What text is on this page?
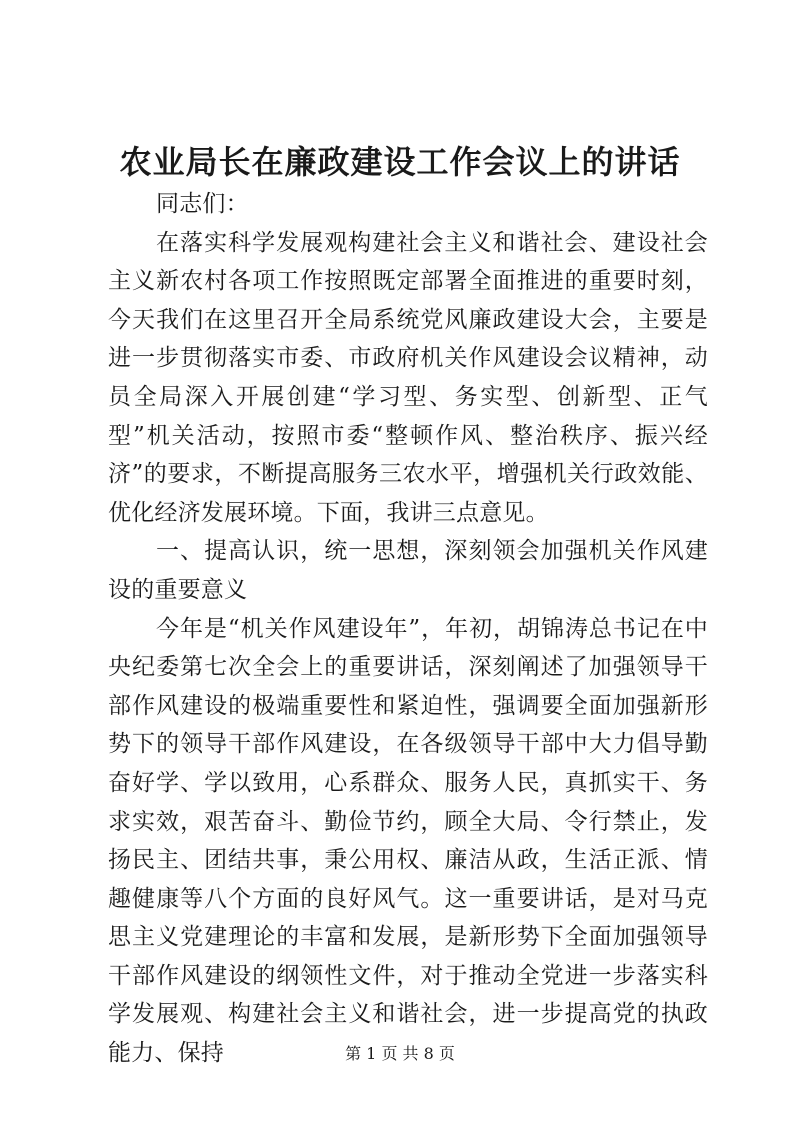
农业局长在廉政建设工作会议上的讲话

同志们：

在落实科学发展观构建社会主义和谐社会、建设社会主义新农村各项工作按照既定部署全面推进的重要时刻，今天我们在这里召开全局系统党风廉政建设大会，主要是进一步贯彻落实市委、市政府机关作风建设会议精神，动员全局深入开展创建“学习型、务实型、创新型、正气型”机关活动，按照市委“整顿作风、整治秩序、振兴经济”的要求，不断提高服务三农水平，增强机关行政效能、优化经济发展环境。下面，我讲三点意见。

一、提高认识，统一思想，深刻领会加强机关作风建设的重要意义

今年是“机关作风建设年”，年初，胡锦涛总书记在中央纪委第七次全会上的重要讲话，深刻阐述了加强领导干部作风建设的极端重要性和紧迫性，强调要全面加强新形势下的领导干部作风建设，在各级领导干部中大力倡导勤奋好学、学以致用，心系群众、服务人民，真抓实干、务求实效，艰苦奋斗、勤俭节约，顾全大局、令行禁止，发扬民主、团结共事，秉公用权、廉洁从政，生活正派、情趣健康等八个方面的良好风气。这一重要讲话，是对马克思主义党建理论的丰富和发展，是新形势下全面加强领导干部作风建设的纲领性文件，对于推动全党进一步落实科学发展观、构建社会主义和谐社会，进一步提高党的执政能力、保持	第 1 页 共 8 页
